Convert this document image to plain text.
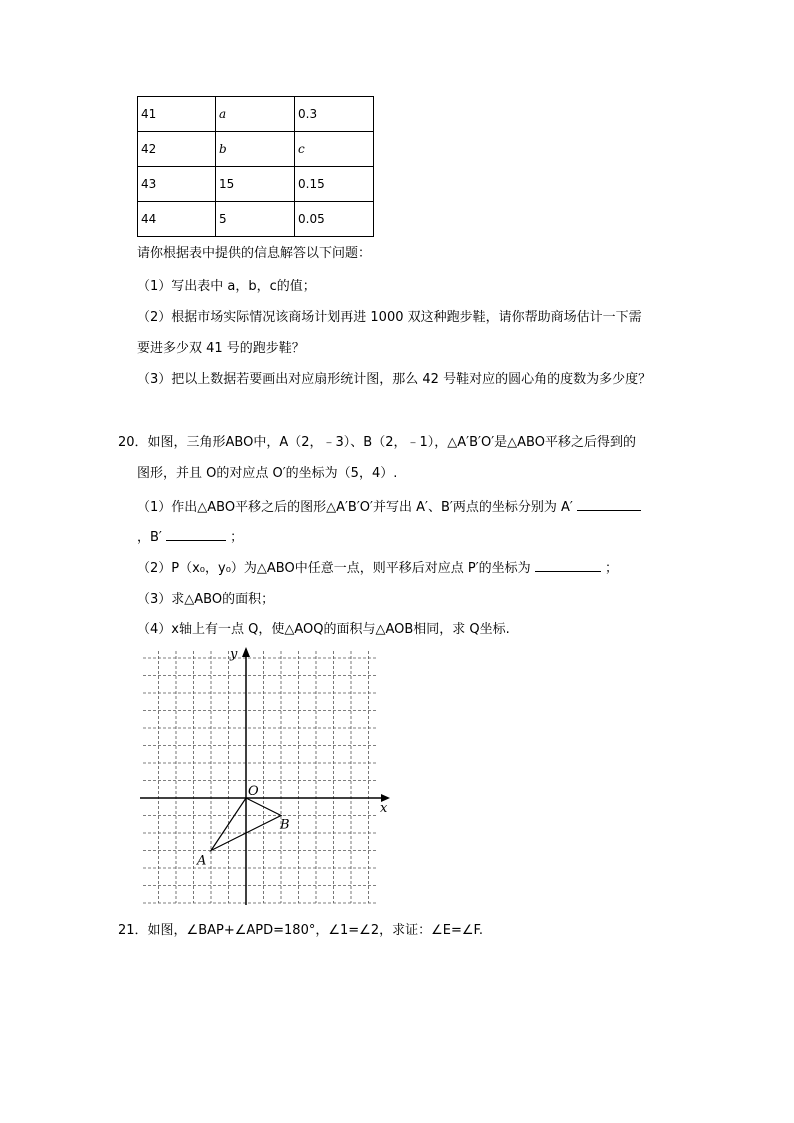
41	a	0.3
42	b	c
43	15	0.15
44	5	0.05
请你根据表中提供的信息解答以下问题：
（1）写出表中 a，b，c的值；
（2）根据市场实际情况该商场计划再进 1000 双这种跑步鞋，请你帮助商场估计一下需
要进多少双 41 号的跑步鞋？
（3）把以上数据若要画出对应扇形统计图，那么 42 号鞋对应的圆心角的度数为多少度？
20．如图，三角形ABO中，A（2，﹣3）、B（2，﹣1），△A′B′O′是△ABO平移之后得到的
图形，并且 O的对应点 O′的坐标为（5，4）.
（1）作出△ABO平移之后的图形△A′B′O′并写出 A′、B′两点的坐标分别为 A′
，B′	；
（2）P（x₀，y₀）为△ABO中任意一点，则平移后对应点 P′的坐标为	；
（3）求△ABO的面积；
（4）x轴上有一点 Q，使△AOQ的面积与△AOB相同，求 Q坐标.
y
x
O
B
A
21．如图，∠BAP+∠APD=180°，∠1=∠2，求证：∠E=∠F.
